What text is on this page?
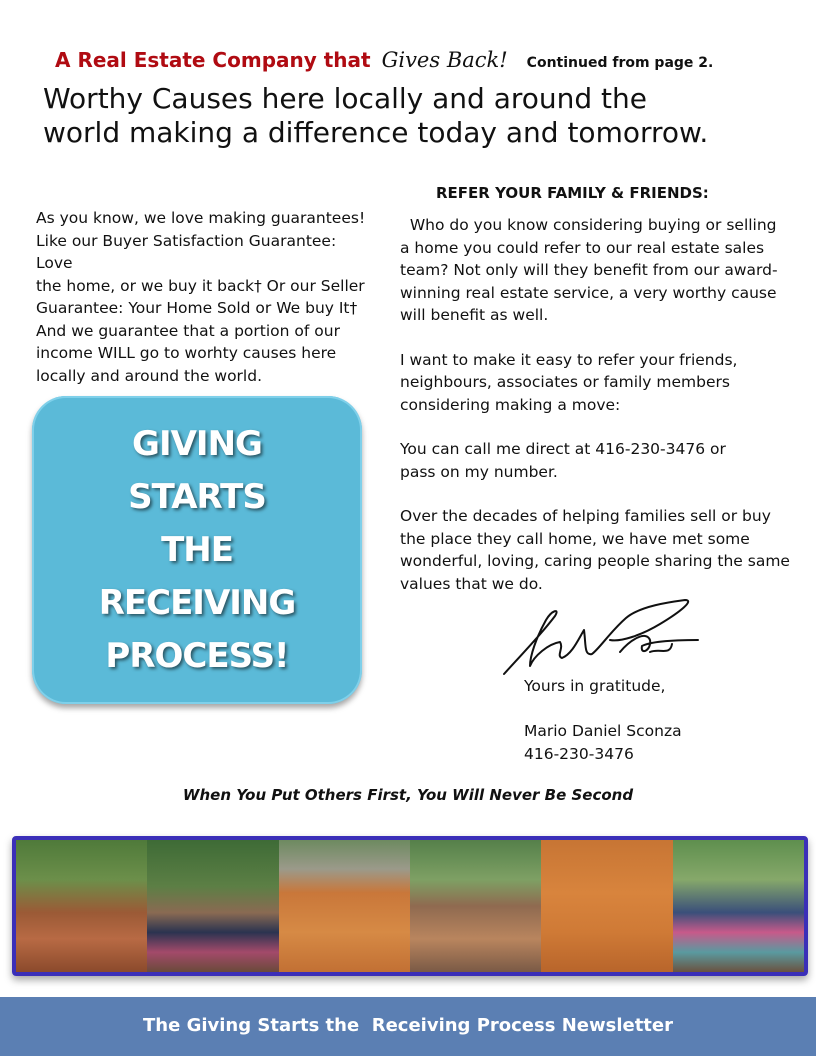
A Real Estate Company that Gives Back! Continued from page 2.
Worthy Causes here locally and around the
world making a difference today and tomorrow.
As you know, we love making guarantees!
Like our Buyer Satisfaction Guarantee: Love
the home, or we buy it back† Or our Seller
Guarantee: Your Home Sold or We buy It†
And we guarantee that a portion of our
income WILL go to worhty causes here
locally and around the world.
GIVING
STARTS THE
RECEIVING
PROCESS!
REFER YOUR FAMILY & FRIENDS:

Who do you know considering buying or selling a home you could refer to our real estate sales team? Not only will they benefit from our award-winning real estate service, a very worthy cause will benefit as well.

I want to make it easy to refer your friends, neighbours, associates or family members considering making a move:

You can call me direct at 416-230-3476 or
pass on my number.

Over the decades of helping families sell or buy the place they call home, we have met some wonderful, loving, caring people sharing the same values that we do.

Yours in gratitude,
Mario Daniel Sconza
416-230-3476
When You Put Others First, You Will Never Be Second
The Giving Starts the  Receiving Process Newsletter
